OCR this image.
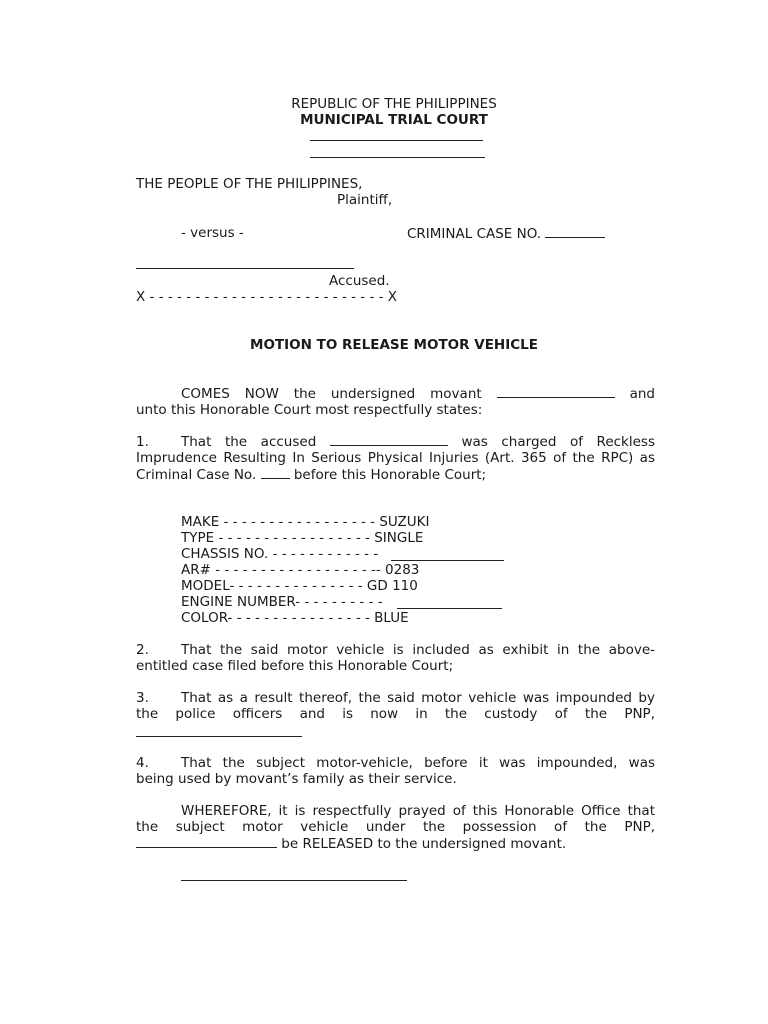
REPUBLIC OF THE PHILIPPINES
MUNICIPAL TRIAL COURT
THE PEOPLE OF THE PHILIPPINES,
Plaintiff,
- versus -	CRIMINAL CASE NO.
Accused.
X - - - - - - - - - - - - - - - - - - - - - - - - - - X
MOTION TO RELEASE MOTOR VEHICLE
COMES NOW the undersigned movant	and
unto this Honorable Court most respectfully states:
1. That the accused	was charged of Reckless
Imprudence Resulting In Serious Physical Injuries (Art. 365 of the RPC) as
Criminal Case No.	before this Honorable Court;
MAKE - - - - - - - - - - - - - - - - - SUZUKI
TYPE - - - - - - - - - - - - - - - - - SINGLE
CHASSIS NO. - - - - - - - - - - - -
AR# - - - - - - - - - - - - - - - - - -- 0283
MODEL- - - - - - - - - - - - - - - GD 110
ENGINE NUMBER- - - - - - - - - -
COLOR- - - - - - - - - - - - - - - - BLUE
2. That the said motor vehicle is included as exhibit in the above-
entitled case filed before this Honorable Court;
3. That as a result thereof, the said motor vehicle was impounded by
the police officers and is now in the custody of the PNP,
4. That the subject motor-vehicle, before it was impounded, was
being used by movant’s family as their service.
WHEREFORE, it is respectfully prayed of this Honorable Office that
the subject motor vehicle under the possession of the PNP,
be RELEASED to the undersigned movant.
